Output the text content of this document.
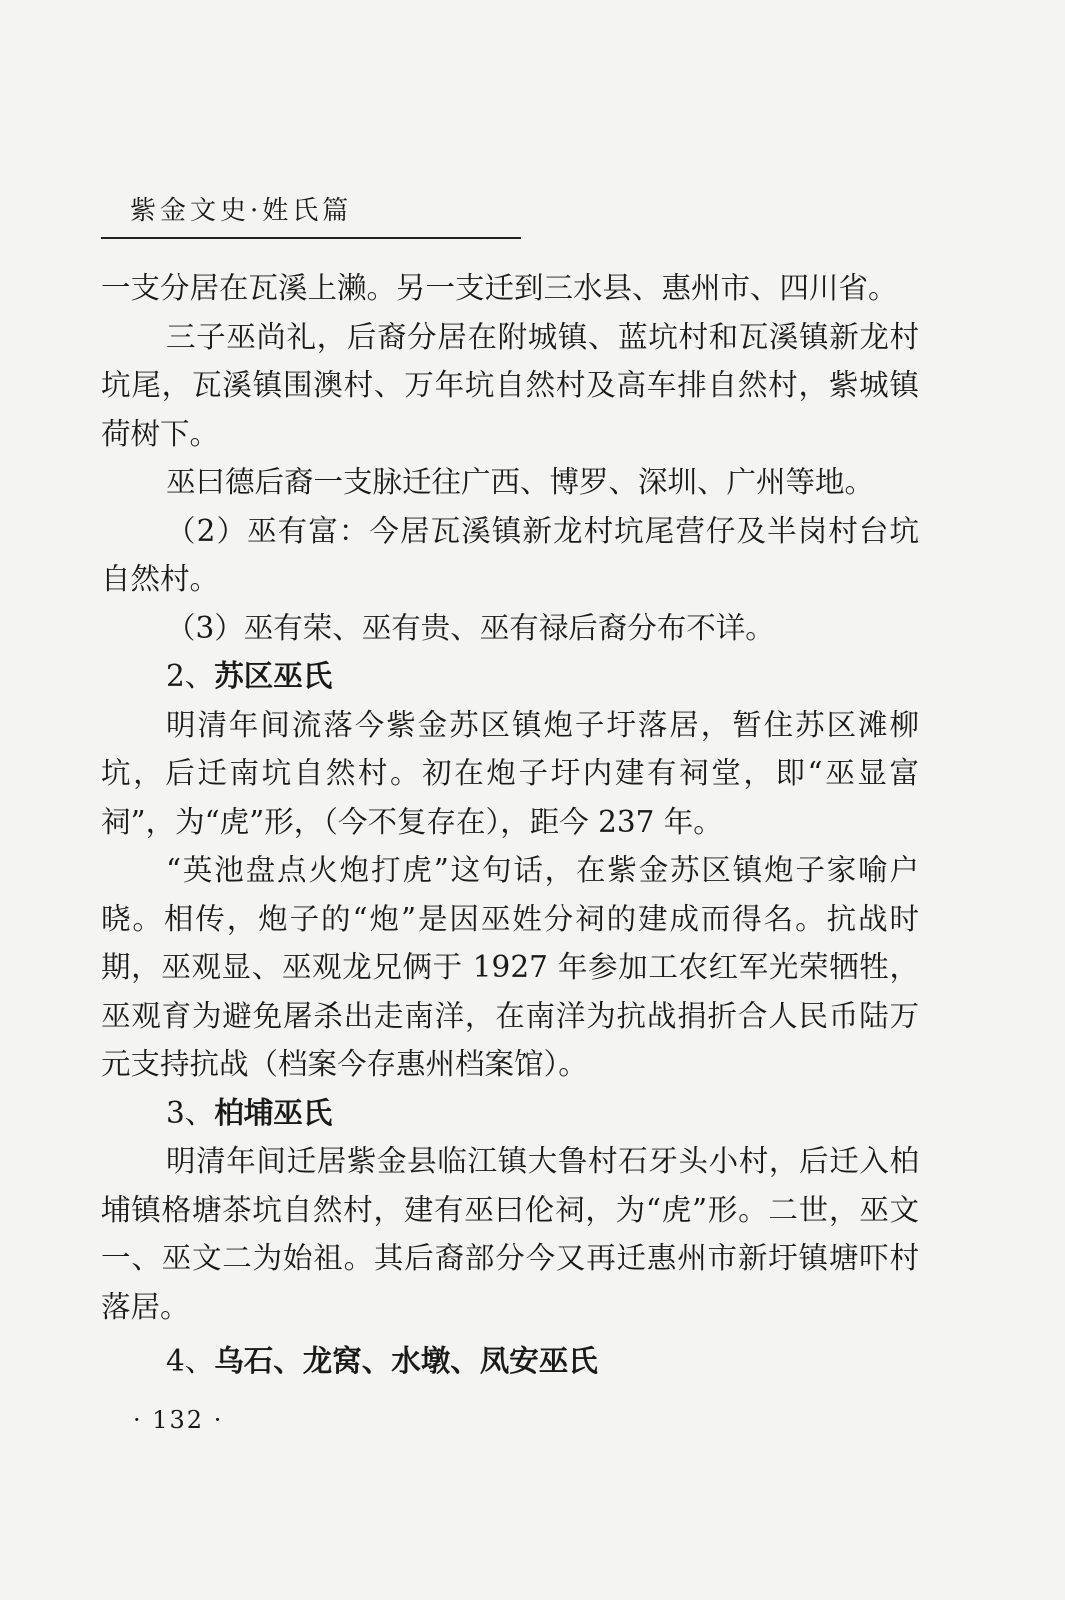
紫金文史·姓氏篇

一支分居在瓦溪上濑。另一支迁到三水县、惠州市、四川省。

三子巫尚礼，后裔分居在附城镇、蓝坑村和瓦溪镇新龙村坑尾，瓦溪镇围澳村、万年坑自然村及高车排自然村，紫城镇荷树下。

巫曰德后裔一支脉迁往广西、博罗、深圳、广州等地。

（2）巫有富：今居瓦溪镇新龙村坑尾营仔及半岗村台坑自然村。

（3）巫有荣、巫有贵、巫有禄后裔分布不详。

2、苏区巫氏

明清年间流落今紫金苏区镇炮子圩落居，暂住苏区滩柳坑，后迁南坑自然村。初在炮子圩内建有祠堂，即“巫显富祠”，为“虎”形，（今不复存在），距今 237 年。

“英池盘点火炮打虎”这句话，在紫金苏区镇炮子家喻户晓。相传，炮子的“炮”是因巫姓分祠的建成而得名。抗战时期，巫观显、巫观龙兄俩于 1927 年参加工农红军光荣牺牲，巫观育为避免屠杀出走南洋，在南洋为抗战捐折合人民币陆万元支持抗战（档案今存惠州档案馆）。

3、柏埔巫氏

明清年间迁居紫金县临江镇大鲁村石牙头小村，后迁入柏埔镇格塘茶坑自然村，建有巫曰伦祠，为“虎”形。二世，巫文一、巫文二为始祖。其后裔部分今又再迁惠州市新圩镇塘吓村落居。

4、乌石、龙窝、水墩、凤安巫氏

· 132 ·
